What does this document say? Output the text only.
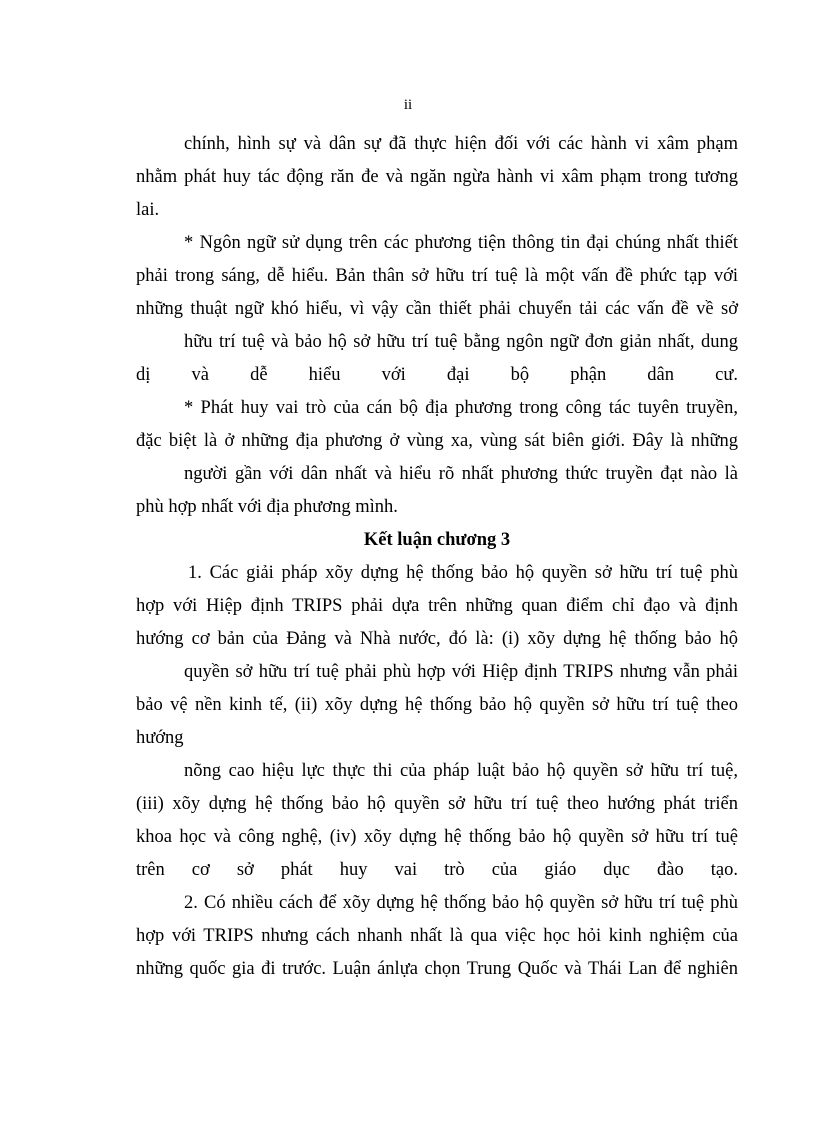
ii
chính, hình sự và dân sự đã thực hiện đối với các hành vi xâm phạm
nhằm phát huy tác động răn đe và ngăn ngừa hành vi xâm phạm trong tương
lai.
* Ngôn ngữ sử dụng trên các phương tiện thông tin đại chúng nhất thiết
phải trong sáng, dễ hiểu. Bản thân sở hữu trí tuệ là một vấn đề phức tạp với
những thuật ngữ khó hiểu, vì vậy cần thiết phải chuyển tải các vấn đề về sở
hữu trí tuệ và bảo hộ sở hữu trí tuệ bằng ngôn ngữ đơn giản nhất, dung
dị và dễ hiểu với đại bộ phận dân cư.
* Phát huy vai trò của cán bộ địa phương trong công tác tuyên truyền,
đặc biệt là ở những địa phương ở vùng xa, vùng sát biên giới. Đây là những
người gần với dân nhất và hiểu rõ nhất phương thức truyền đạt nào là
phù hợp nhất với địa phương mình.
Kết luận chương 3
1. Các giải pháp xõy dựng hệ thống bảo hộ quyền sở hữu trí tuệ phù
hợp với Hiệp định TRIPS phải dựa trên những quan điểm chỉ đạo và định
hướng cơ bản của Đảng và Nhà nước, đó là: (i) xõy dựng hệ thống bảo hộ
quyền sở hữu trí tuệ phải phù hợp với Hiệp định TRIPS nhưng vẫn phải
bảo vệ nền kinh tế, (ii) xõy dựng hệ thống bảo hộ quyền sở hữu trí tuệ theo
hướng
nõng cao hiệu lực thực thi của pháp luật bảo hộ quyền sở hữu trí tuệ,
(iii) xõy dựng hệ thống bảo hộ quyền sở hữu trí tuệ theo hướng phát triển
khoa học và công nghệ, (iv) xõy dựng hệ thống bảo hộ quyền sở hữu trí tuệ
trên cơ sở phát huy vai trò của giáo dục đào tạo.
2. Có nhiều cách để xõy dựng hệ thống bảo hộ quyền sở hữu trí tuệ phù
hợp với TRIPS nhưng cách nhanh nhất là qua việc học hỏi kinh nghiệm của
những quốc gia đi trước. Luận ánlựa chọn Trung Quốc và Thái Lan để nghiên
